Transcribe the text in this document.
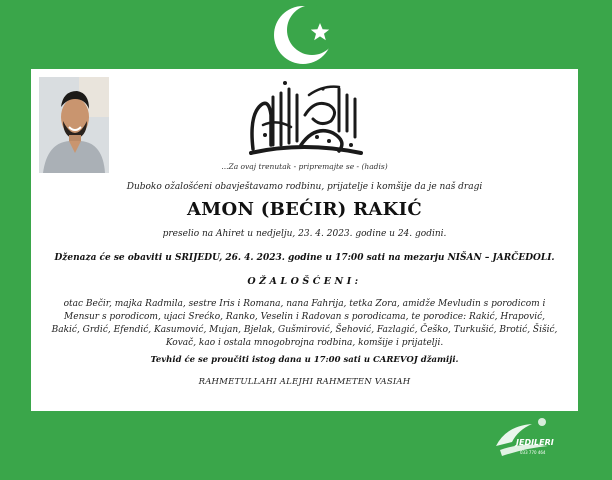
...Za ovaj trenutak - pripremajte se - (hadis)
Duboko ožalošćeni obavještavamo rodbinu, prijatelje i komšije da je naš dragi
AMON (BEĆIR) RAKIĆ
preselio na Ahiret u nedjelju, 23. 4. 2023. godine u 24. godini.
Dženaza će se obaviti u SRIJEDU, 26. 4. 2023. godine u 17:00 sati na mezarju NIŠAN – JARČEDOLI.
OŽALOŠĆENI:
otac Bečir, majka Radmila, sestre Iris i Romana, nana Fahrija, tetka Zora, amidže Mevludin s porodicom i
Mensur s porodicom, ujaci Srećko, Ranko, Veselin i Radovan s porodicama, te porodice: Rakić, Hrapović,
Bakić, Grdić, Efendić, Kasumović, Mujan, Bjelak, Gušmirović, Šehović, Fazlagić, Češko, Turkušić, Brotić, Šišić,
Kovač, kao i ostala mnogobrojna rodbina, komšije i prijatelji.
Tevhid će se proučiti istog dana u 17:00 sati u CAREVOJ džamiji.
RAHMETULLAHI ALEJHI RAHMETEN VASIAH
JEDILERI
033 770 464
